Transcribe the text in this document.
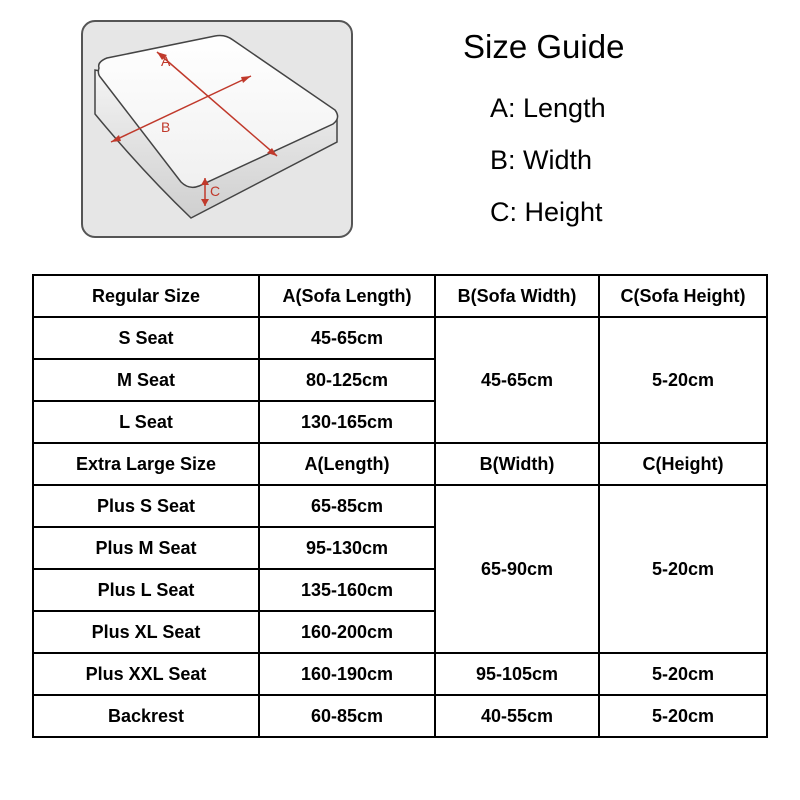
A
B
C
Size Guide
A: Length
B: Width
C: Height
Regular Size	A(Sofa Length)	B(Sofa Width)	C(Sofa Height)
S Seat	45-65cm	45-65cm	5-20cm
M Seat	80-125cm		
L Seat	130-165cm		
Extra Large Size	A(Length)	B(Width)	C(Height)
Plus S Seat	65-85cm	65-90cm	5-20cm
Plus M Seat	95-130cm		
Plus L Seat	135-160cm		
Plus XL Seat	160-200cm		
Plus XXL Seat	160-190cm	95-105cm	5-20cm
Backrest	60-85cm	40-55cm	5-20cm
